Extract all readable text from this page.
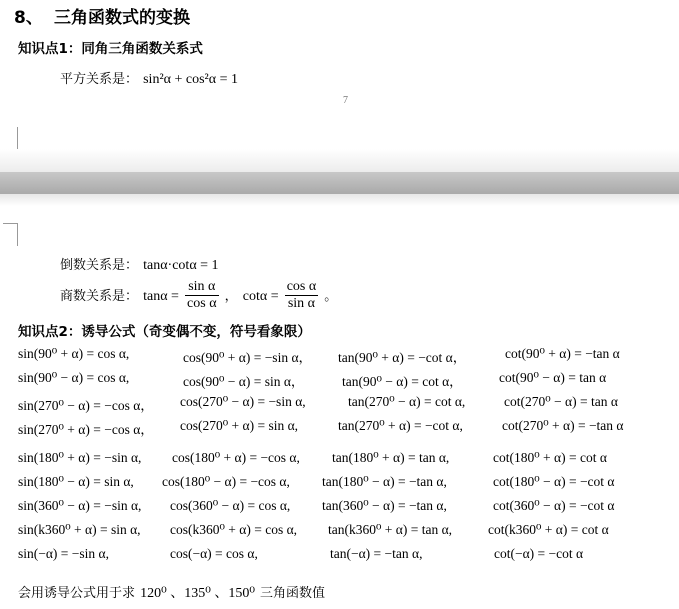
8、 三角函数式的变换
知识点1：同角三角函数关系式
平方关系是： sin²α + cos²α = 1
7
倒数关系是： tanα·cotα = 1
商数关系是： $\tan\alpha = \frac{\text{sin α}}{\text{cos α}}$ ， $\cot\alpha = \frac{\text{cos α}}{\text{sin α}}$ 。
知识点2：诱导公式（奇变偶不变，符号看象限）
sin(90⁰ + α) = cos α,	cos(90⁰ + α) = −sin α， tan(90⁰ + α) = −cot α，	cot(90⁰ + α) = −tan α
sin(90⁰ − α) = cos α,	cos(90⁰ − α) = sin α，	tan(90⁰ − α) = cot α，	cot(90⁰ − α) = tan α
sin(270⁰ − α) = −cos α， cos(270⁰ − α) = −sin α,	tan(270⁰ − α) = cot α,	cot(270⁰ − α) = tan α
sin(270⁰ + α) = −cos α， cos(270⁰ + α) = sin α,	tan(270⁰ + α) = −cot α,	cot(270⁰ + α) = −tan α
sin(180⁰ + α) = −sin α, cos(180⁰ + α) = −cos α, tan(180⁰ + α) = tan α,	cot(180⁰ + α) = cot α
sin(180⁰ − α) = sin α, cos(180⁰ − α) = −cos α, tan(180⁰ − α) = −tan α,	cot(180⁰ − α) = −cot α
sin(360⁰ − α) = −sin α, cos(360⁰ − α) = cos α, tan(360⁰ − α) = −tan α,	cot(360⁰ − α) = −cot α
sin(k360⁰ + α) = sin α, cos(k360⁰ + α) = cos α, tan(k360⁰ + α) = tan α,	cot(k360⁰ + α) = cot α
sin(−α) = −sin α,	cos(−α) = cos α,	tan(−α) = −tan α,	cot(−α) = −cot α
会用诱导公式用于求 120⁰ 、135⁰ 、150⁰ 三角函数值
